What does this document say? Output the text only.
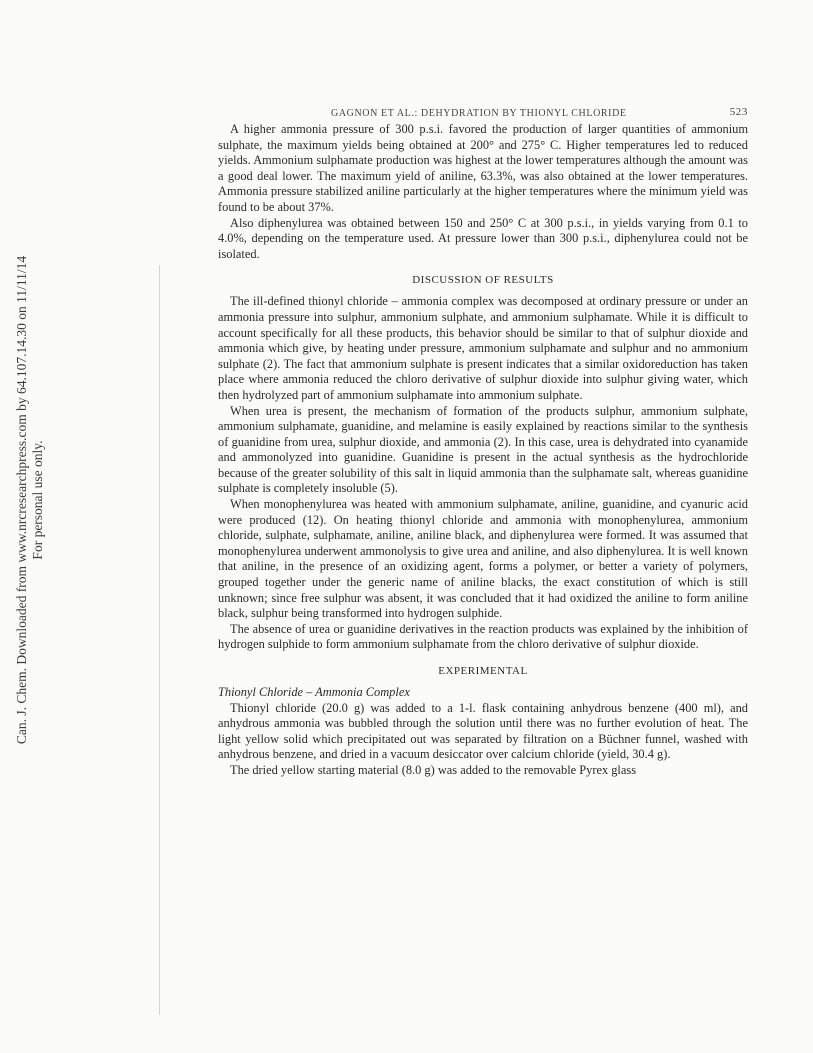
Can. J. Chem. Downloaded from www.nrcresearchpress.com by 64.107.14.30 on 11/11/14 For personal use only.
GAGNON ET AL.: DEHYDRATION BY THIONYL CHLORIDE	523

A higher ammonia pressure of 300 p.s.i. favored the production of larger quantities of ammonium sulphate, the maximum yields being obtained at 200° and 275° C. Higher temperatures led to reduced yields. Ammonium sulphamate production was highest at the lower temperatures although the amount was a good deal lower. The maximum yield of aniline, 63.3%, was also obtained at the lower temperatures. Ammonia pressure stabilized aniline particularly at the higher temperatures where the minimum yield was found to be about 37%.

Also diphenylurea was obtained between 150 and 250° C at 300 p.s.i., in yields varying from 0.1 to 4.0%, depending on the temperature used. At pressure lower than 300 p.s.i., diphenylurea could not be isolated.

DISCUSSION OF RESULTS

The ill-defined thionyl chloride – ammonia complex was decomposed at ordinary pressure or under an ammonia pressure into sulphur, ammonium sulphate, and ammonium sulphamate. While it is difficult to account specifically for all these products, this behavior should be similar to that of sulphur dioxide and ammonia which give, by heating under pressure, ammonium sulphamate and sulphur and no ammonium sulphate (2). The fact that ammonium sulphate is present indicates that a similar oxidoreduction has taken place where ammonia reduced the chloro derivative of sulphur dioxide into sulphur giving water, which then hydrolyzed part of ammonium sulphamate into ammonium sulphate.

When urea is present, the mechanism of formation of the products sulphur, ammonium sulphate, ammonium sulphamate, guanidine, and melamine is easily explained by reactions similar to the synthesis of guanidine from urea, sulphur dioxide, and ammonia (2). In this case, urea is dehydrated into cyanamide and ammonolyzed into guanidine. Guanidine is present in the actual synthesis as the hydrochloride because of the greater solubility of this salt in liquid ammonia than the sulphamate salt, whereas guanidine sulphate is completely insoluble (5).

When monophenylurea was heated with ammonium sulphamate, aniline, guanidine, and cyanuric acid were produced (12). On heating thionyl chloride and ammonia with monophenylurea, ammonium chloride, sulphate, sulphamate, aniline, aniline black, and diphenylurea were formed. It was assumed that monophenylurea underwent ammonolysis to give urea and aniline, and also diphenylurea. It is well known that aniline, in the presence of an oxidizing agent, forms a polymer, or better a variety of polymers, grouped together under the generic name of aniline blacks, the exact constitution of which is still unknown; since free sulphur was absent, it was concluded that it had oxidized the aniline to form aniline black, sulphur being transformed into hydrogen sulphide.

The absence of urea or guanidine derivatives in the reaction products was explained by the inhibition of hydrogen sulphide to form ammonium sulphamate from the chloro derivative of sulphur dioxide.

EXPERIMENTAL
Thionyl Chloride – Ammonia Complex

Thionyl chloride (20.0 g) was added to a 1-l. flask containing anhydrous benzene (400 ml), and anhydrous ammonia was bubbled through the solution until there was no further evolution of heat. The light yellow solid which precipitated out was separated by filtration on a Büchner funnel, washed with anhydrous benzene, and dried in a vacuum desiccator over calcium chloride (yield, 30.4 g).

The dried yellow starting material (8.0 g) was added to the removable Pyrex glass
